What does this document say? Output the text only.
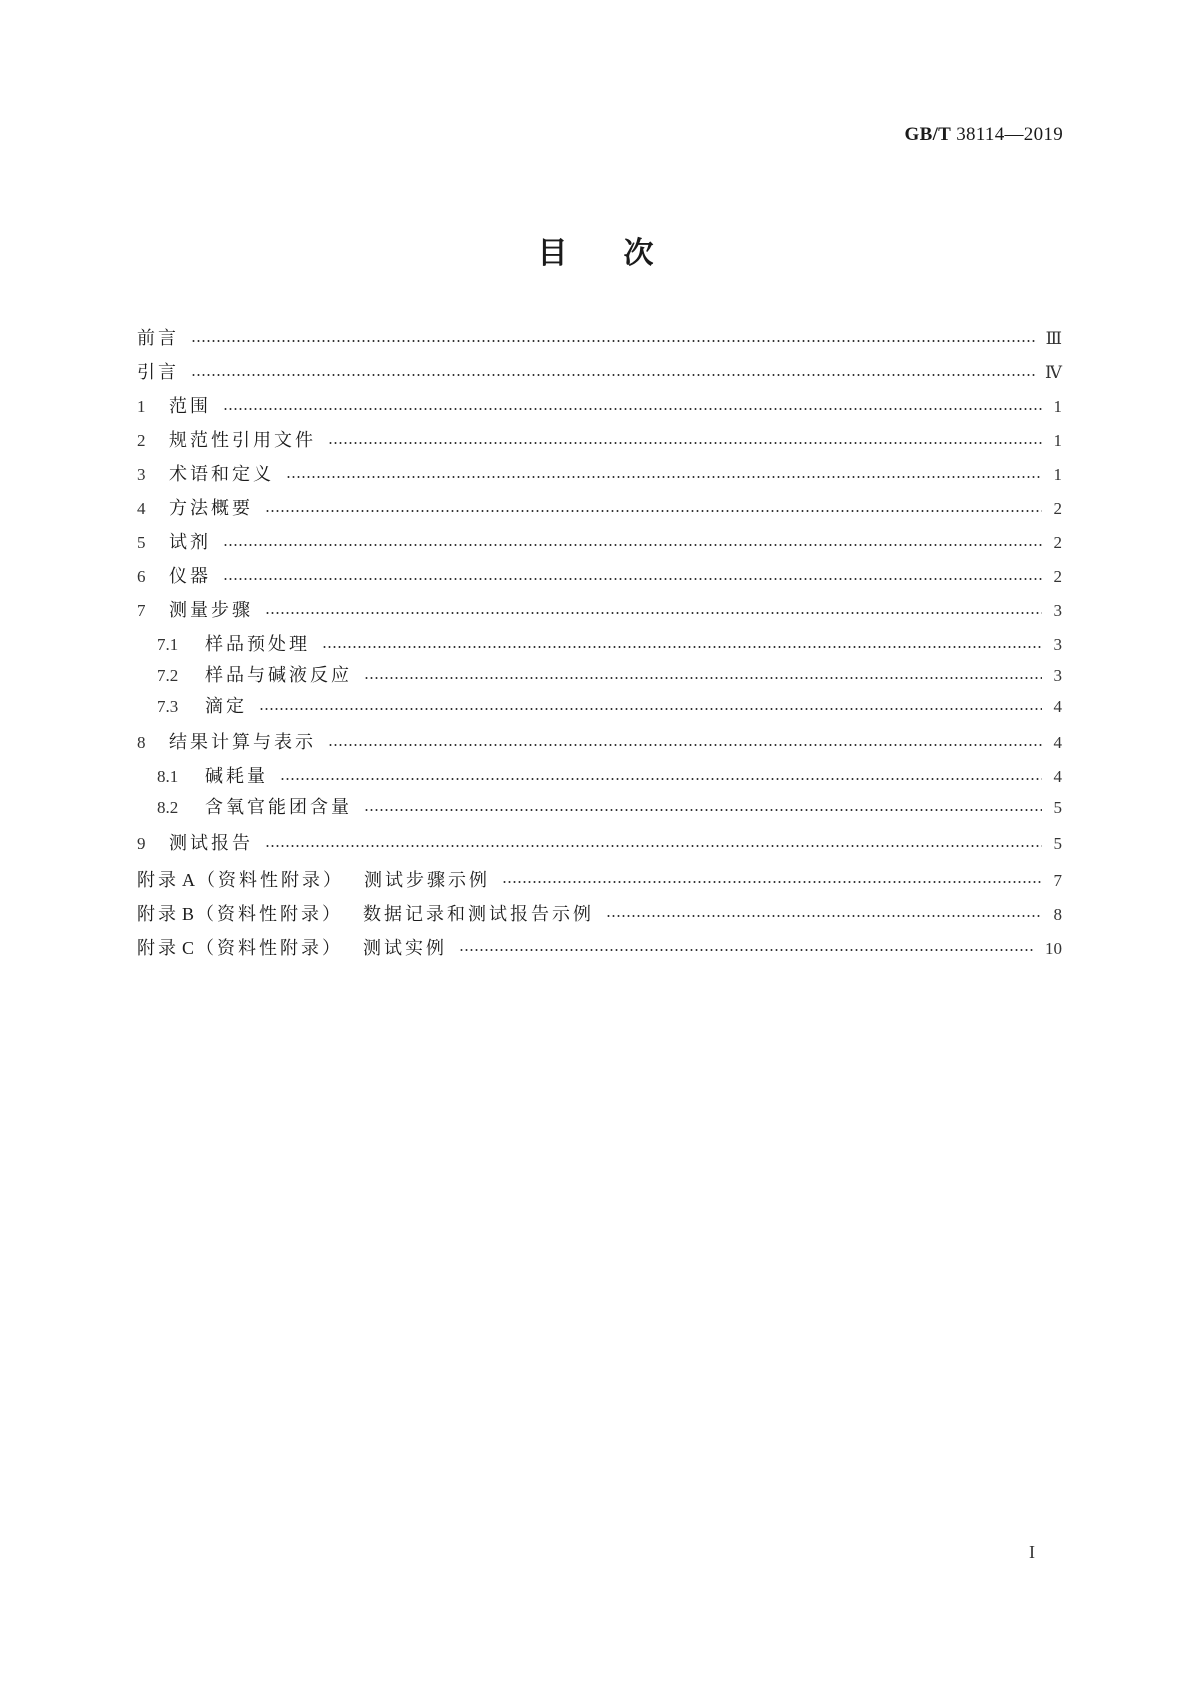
GB/T 38114—2019
目次
前言	Ⅲ
引言	Ⅳ
1	范围	1
2	规范性引用文件	1
3	术语和定义	1
4	方法概要	2
5	试剂	2
6	仪器	2
7	测量步骤	3
7.1	样品预处理	3
7.2	样品与碱液反应	3
7.3	滴定	4
8	结果计算与表示	4
8.1	碱耗量	4
8.2	含氧官能团含量	5
9	测试报告	5
附录 A （资料性附录） 测试步骤示例	7
附录 B （资料性附录） 数据记录和测试报告示例	8
附录 C （资料性附录） 测试实例	10
I
